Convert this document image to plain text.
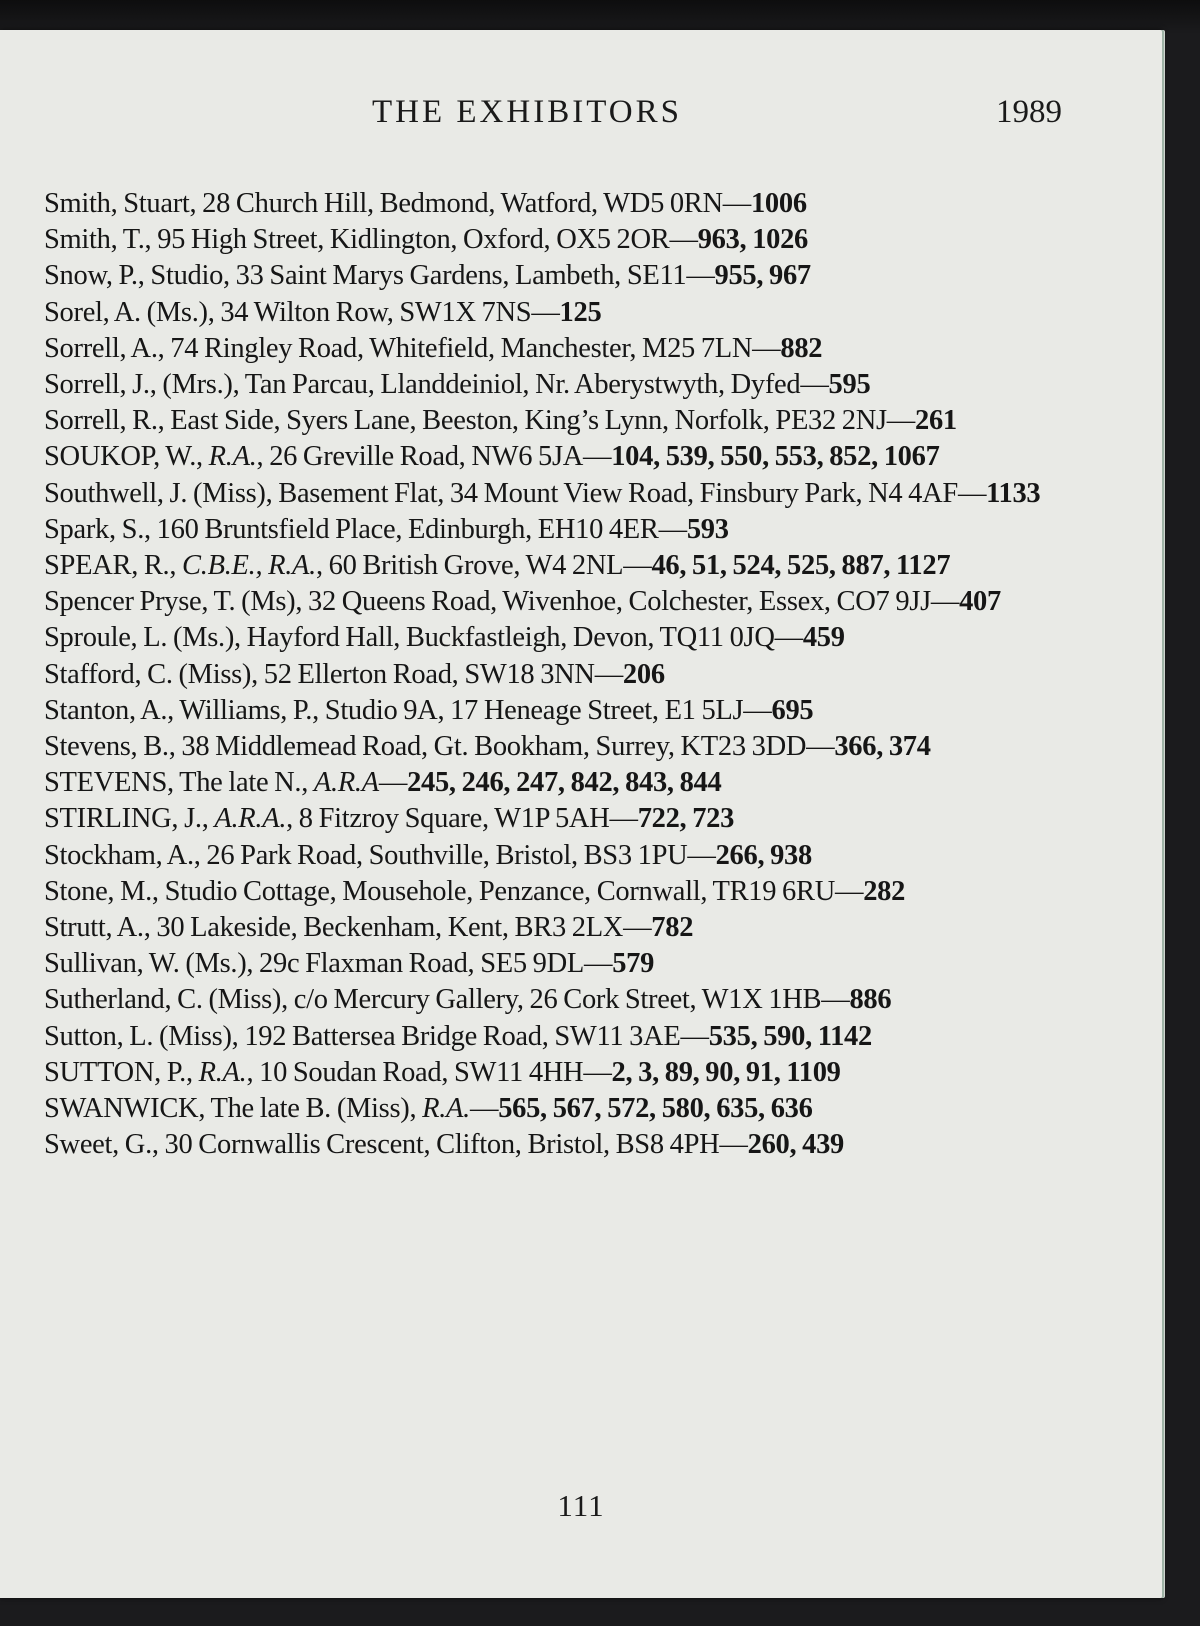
THE EXHIBITORS	1989
Smith, Stuart, 28 Church Hill, Bedmond, Watford, WD5 0RN—1006
Smith, T., 95 High Street, Kidlington, Oxford, OX5 2OR—963, 1026
Snow, P., Studio, 33 Saint Marys Gardens, Lambeth, SE11—955, 967
Sorel, A. (Ms.), 34 Wilton Row, SW1X 7NS—125
Sorrell, A., 74 Ringley Road, Whitefield, Manchester, M25 7LN—882
Sorrell, J., (Mrs.), Tan Parcau, Llanddeiniol, Nr. Aberystwyth, Dyfed—595
Sorrell, R., East Side, Syers Lane, Beeston, King’s Lynn, Norfolk, PE32 2NJ—261
SOUKOP, W., R.A., 26 Greville Road, NW6 5JA—104, 539, 550, 553, 852, 1067
Southwell, J. (Miss), Basement Flat, 34 Mount View Road, Finsbury Park, N4 4AF—1133
Spark, S., 160 Bruntsfield Place, Edinburgh, EH10 4ER—593
SPEAR, R., C.B.E., R.A., 60 British Grove, W4 2NL—46, 51, 524, 525, 887, 1127
Spencer Pryse, T. (Ms), 32 Queens Road, Wivenhoe, Colchester, Essex, CO7 9JJ—407
Sproule, L. (Ms.), Hayford Hall, Buckfastleigh, Devon, TQ11 0JQ—459
Stafford, C. (Miss), 52 Ellerton Road, SW18 3NN—206
Stanton, A., Williams, P., Studio 9A, 17 Heneage Street, E1 5LJ—695
Stevens, B., 38 Middlemead Road, Gt. Bookham, Surrey, KT23 3DD—366, 374
STEVENS, The late N., A.R.A—245, 246, 247, 842, 843, 844
STIRLING, J., A.R.A., 8 Fitzroy Square, W1P 5AH—722, 723
Stockham, A., 26 Park Road, Southville, Bristol, BS3 1PU—266, 938
Stone, M., Studio Cottage, Mousehole, Penzance, Cornwall, TR19 6RU—282
Strutt, A., 30 Lakeside, Beckenham, Kent, BR3 2LX—782
Sullivan, W. (Ms.), 29c Flaxman Road, SE5 9DL—579
Sutherland, C. (Miss), c/o Mercury Gallery, 26 Cork Street, W1X 1HB—886
Sutton, L. (Miss), 192 Battersea Bridge Road, SW11 3AE—535, 590, 1142
SUTTON, P., R.A., 10 Soudan Road, SW11 4HH—2, 3, 89, 90, 91, 1109
SWANWICK, The late B. (Miss), R.A.—565, 567, 572, 580, 635, 636
Sweet, G., 30 Cornwallis Crescent, Clifton, Bristol, BS8 4PH—260, 439
111
